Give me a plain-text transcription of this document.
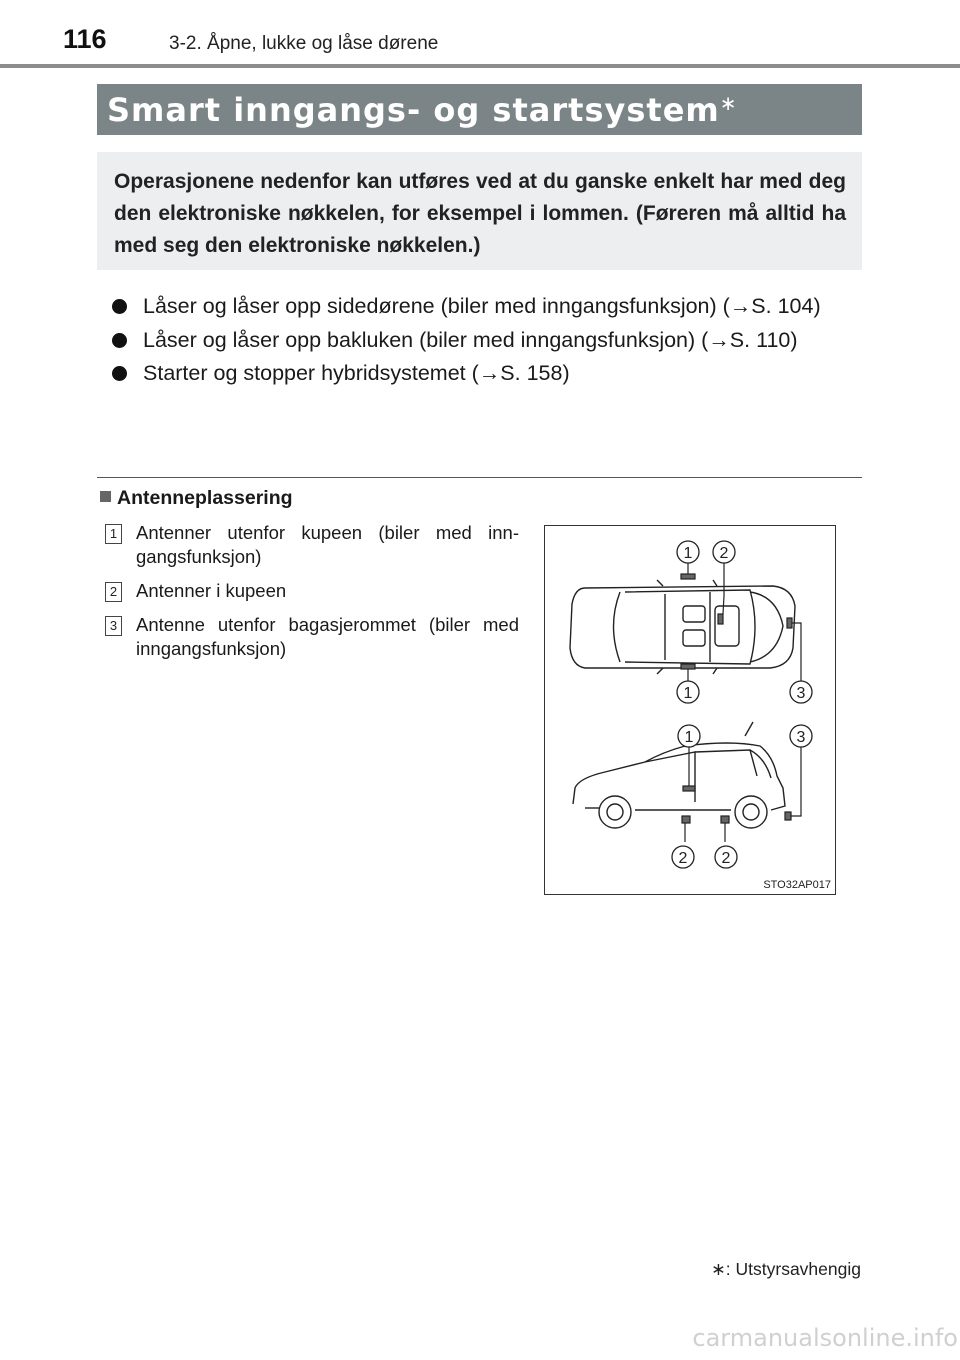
116	3-2. Åpne, lukke og låse dørene
Smart inngangs- og startsystem∗
Operasjonene nedenfor kan utføres ved at du ganske enkelt har med deg den elektroniske nøkkelen, for eksempel i lommen. (Føreren må alltid ha med seg den elektroniske nøkkelen.)
Låser og låser opp sidedørene (biler med inngangsfunksjon) (→S. 104)
Låser og låser opp bakluken (biler med inngangsfunksjon) (→S. 110)
Starter og stopper hybridsystemet (→S. 158)
Antenneplassering
1 Antenner utenfor kupeen (biler med inn-gangsfunksjon)
2 Antenner i kupeen
3 Antenne utenfor bagasjerommet (biler med inngangsfunksjon)
1 2
1	3
1	3
2 2
STO32AP017
∗: Utstyrsavhengig
carmanualsonline.info
